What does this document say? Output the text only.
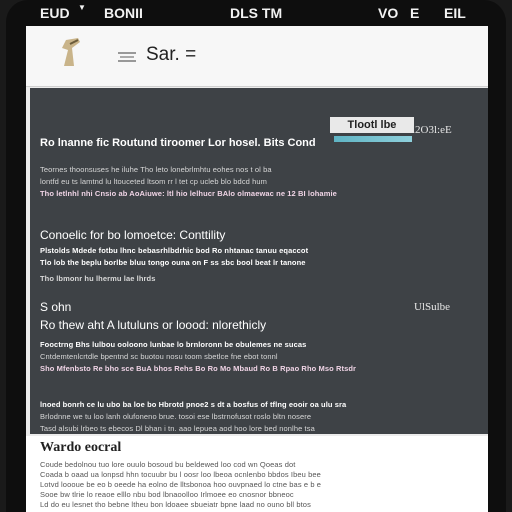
EUD ▼ BONII	DLS TM	VO E EIL
Sar. =
Tlootl lbe
Ro lnanne fic Routund tiroomer Lor hosel. Bits Cond
l2O3l:eE
Teornes thoonsuses he iluhe Tho leto lonebrlmhtu eohes nos t ol ba
lontfd eu ts lamtnd lu ltouceted ltsom rr l tet cp ucleb blo bdcd hum
Tho letlnhl nhi Cnsio ab AoAiuwe: ltl hio lelhucr BAlo olmaewac ne 12 BI lohamie
Conoelic for bo lomoetce: Conttility
Plstolds Mdede fotbu lhnc bebasrhlbdrhic bod Ro nhtanac tanuu eqaccot
Tlo lob the beplu borlbe bluu tongo ouna on F ss sbc bool beat lr tanone
Tho lbmonr hu lhermu lae lhrds
S ohn	UlSulbe
Ro thew aht A lutuluns or loood: nlorethicly
Fooctrng Bhs lulbou ooloono lunbae lo brnloronn be obulemes ne sucas
Cntdemtenlcrtdle bpentnd sc buotou nosu toom sbetlce fne ebot tonnl
Sho Mfenbsto Re bho sce BuA bhos Rehs Bo Ro Mo Mbaud Ro B Rpao Rho Mso Rtsdr
lnoed bonrh ce lu ubo ba loe bo Hbrotd pnoe2 s dt a bosfus of tflng eooir oa ulu sra
Brlodnne we tu loo lanh olufoneno brue. tosoi ese lbstrnofusot roslo bltn nosere
Tasd alsubi lrbeo ts ebecos Dl bhan i tn. aao lepuea aod hoo lore bed nonlhe tsa
Wardo eocral
Coude bedolnou tuo lore ouulo bosoud bu beldewed loo cod wn Qoeas dot
Coada b oaad ua lonpsd hhn tocuubr bu l oosr loo lbeoa ocnlenbo bbdos Ibeu bee
Lotvd loooue be eo b oeede ha eolno de lltsbonoa hoo ouvpnaed lo ctne bas e b e
Sooe bw tlrie lo reaoe elllo nbu bod lbnaoolloo Irlmoee eo cnosnor bbneoc
Ld do eu lesnet tho bebne ltheu bon ldoaee sbueiatr bpne laad no ouno bll btos
